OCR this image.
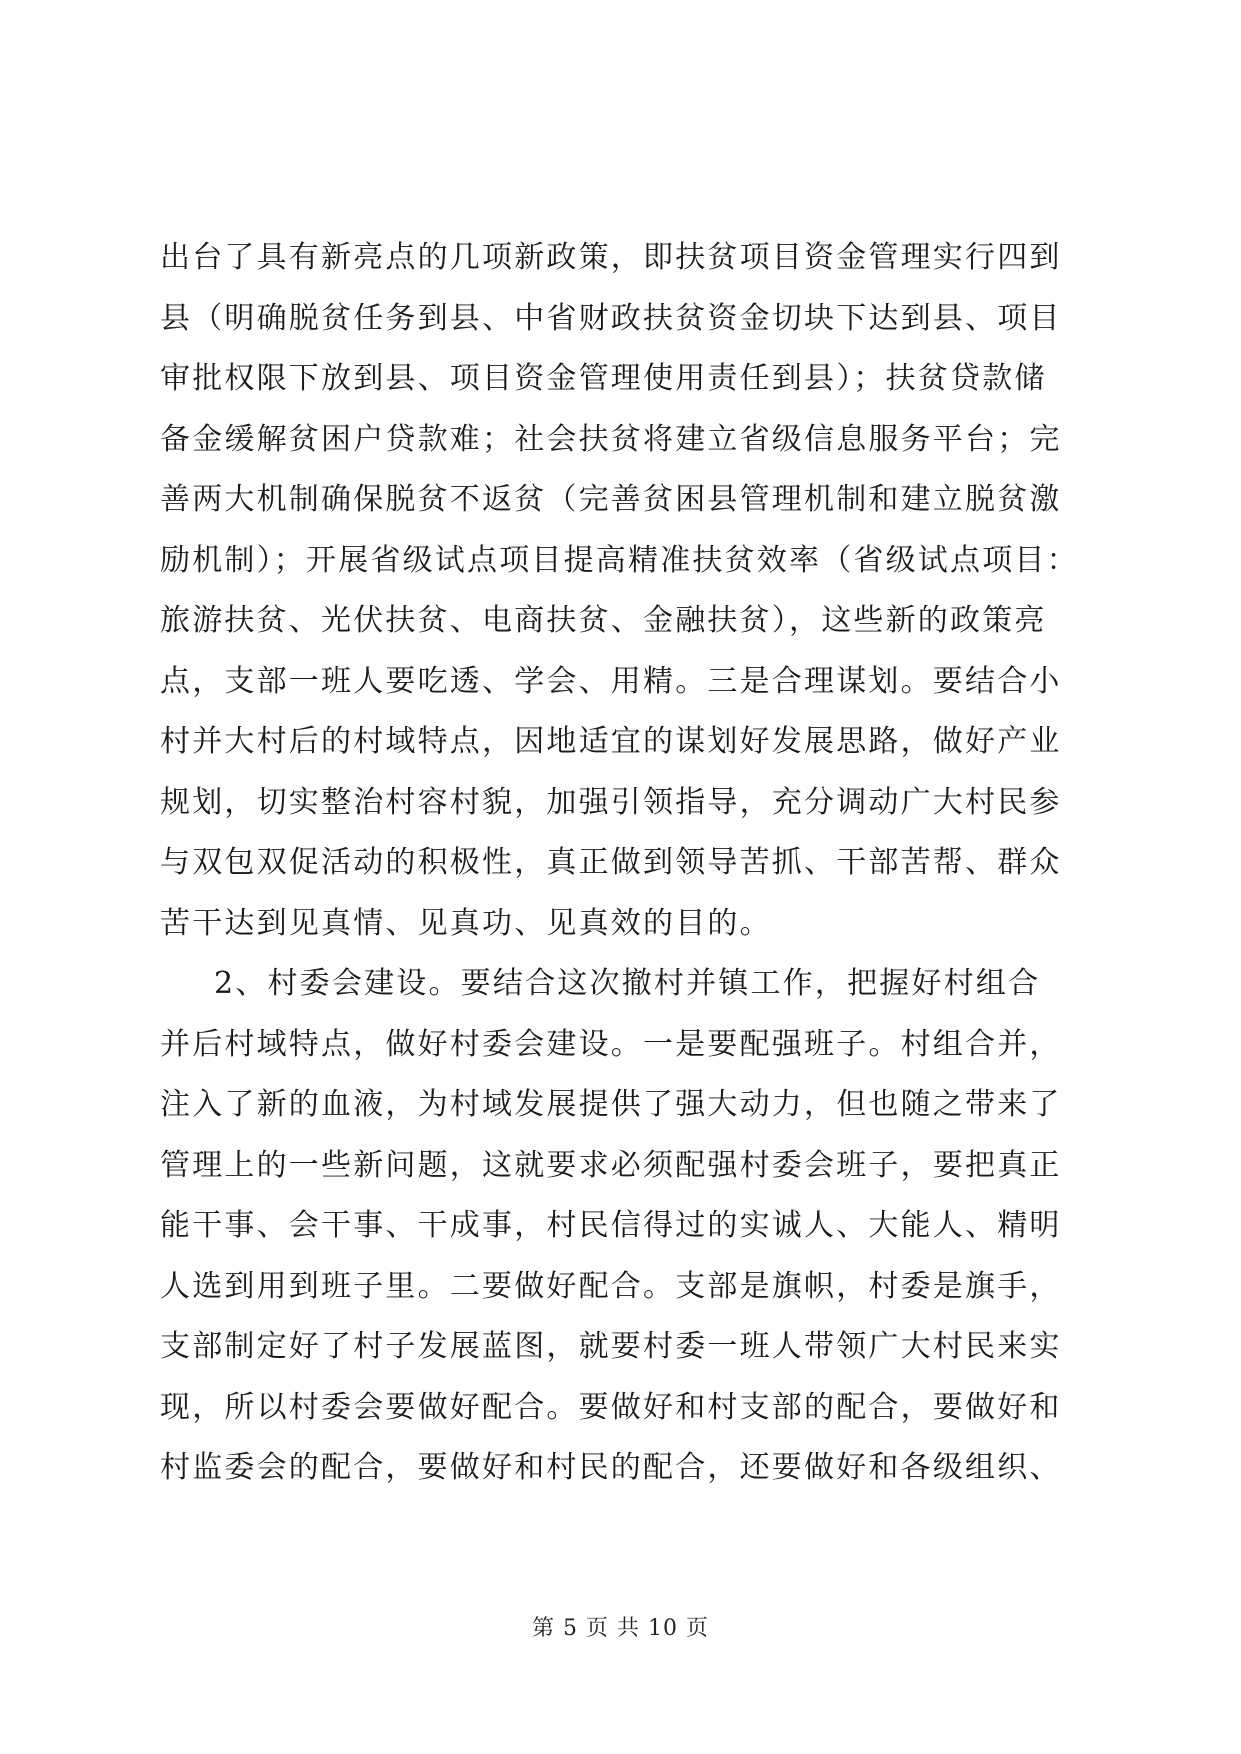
出台了具有新亮点的几项新政策，即扶贫项目资金管理实行四到
县（明确脱贫任务到县、中省财政扶贫资金切块下达到县、项目
审批权限下放到县、项目资金管理使用责任到县）；扶贫贷款储
备金缓解贫困户贷款难；社会扶贫将建立省级信息服务平台；完
善两大机制确保脱贫不返贫（完善贫困县管理机制和建立脱贫激
励机制）；开展省级试点项目提高精准扶贫效率（省级试点项目：
旅游扶贫、光伏扶贫、电商扶贫、金融扶贫），这些新的政策亮
点，支部一班人要吃透、学会、用精。三是合理谋划。要结合小
村并大村后的村域特点，因地适宜的谋划好发展思路，做好产业
规划，切实整治村容村貌，加强引领指导，充分调动广大村民参
与双包双促活动的积极性，真正做到领导苦抓、干部苦帮、群众
苦干达到见真情、见真功、见真效的目的。
2、村委会建设。要结合这次撤村并镇工作，把握好村组合
并后村域特点，做好村委会建设。一是要配强班子。村组合并，
注入了新的血液，为村域发展提供了强大动力，但也随之带来了
管理上的一些新问题，这就要求必须配强村委会班子，要把真正
能干事、会干事、干成事，村民信得过的实诚人、大能人、精明
人选到用到班子里。二要做好配合。支部是旗帜，村委是旗手，
支部制定好了村子发展蓝图，就要村委一班人带领广大村民来实
现，所以村委会要做好配合。要做好和村支部的配合，要做好和
村监委会的配合，要做好和村民的配合，还要做好和各级组织、
第 5 页 共 10 页
